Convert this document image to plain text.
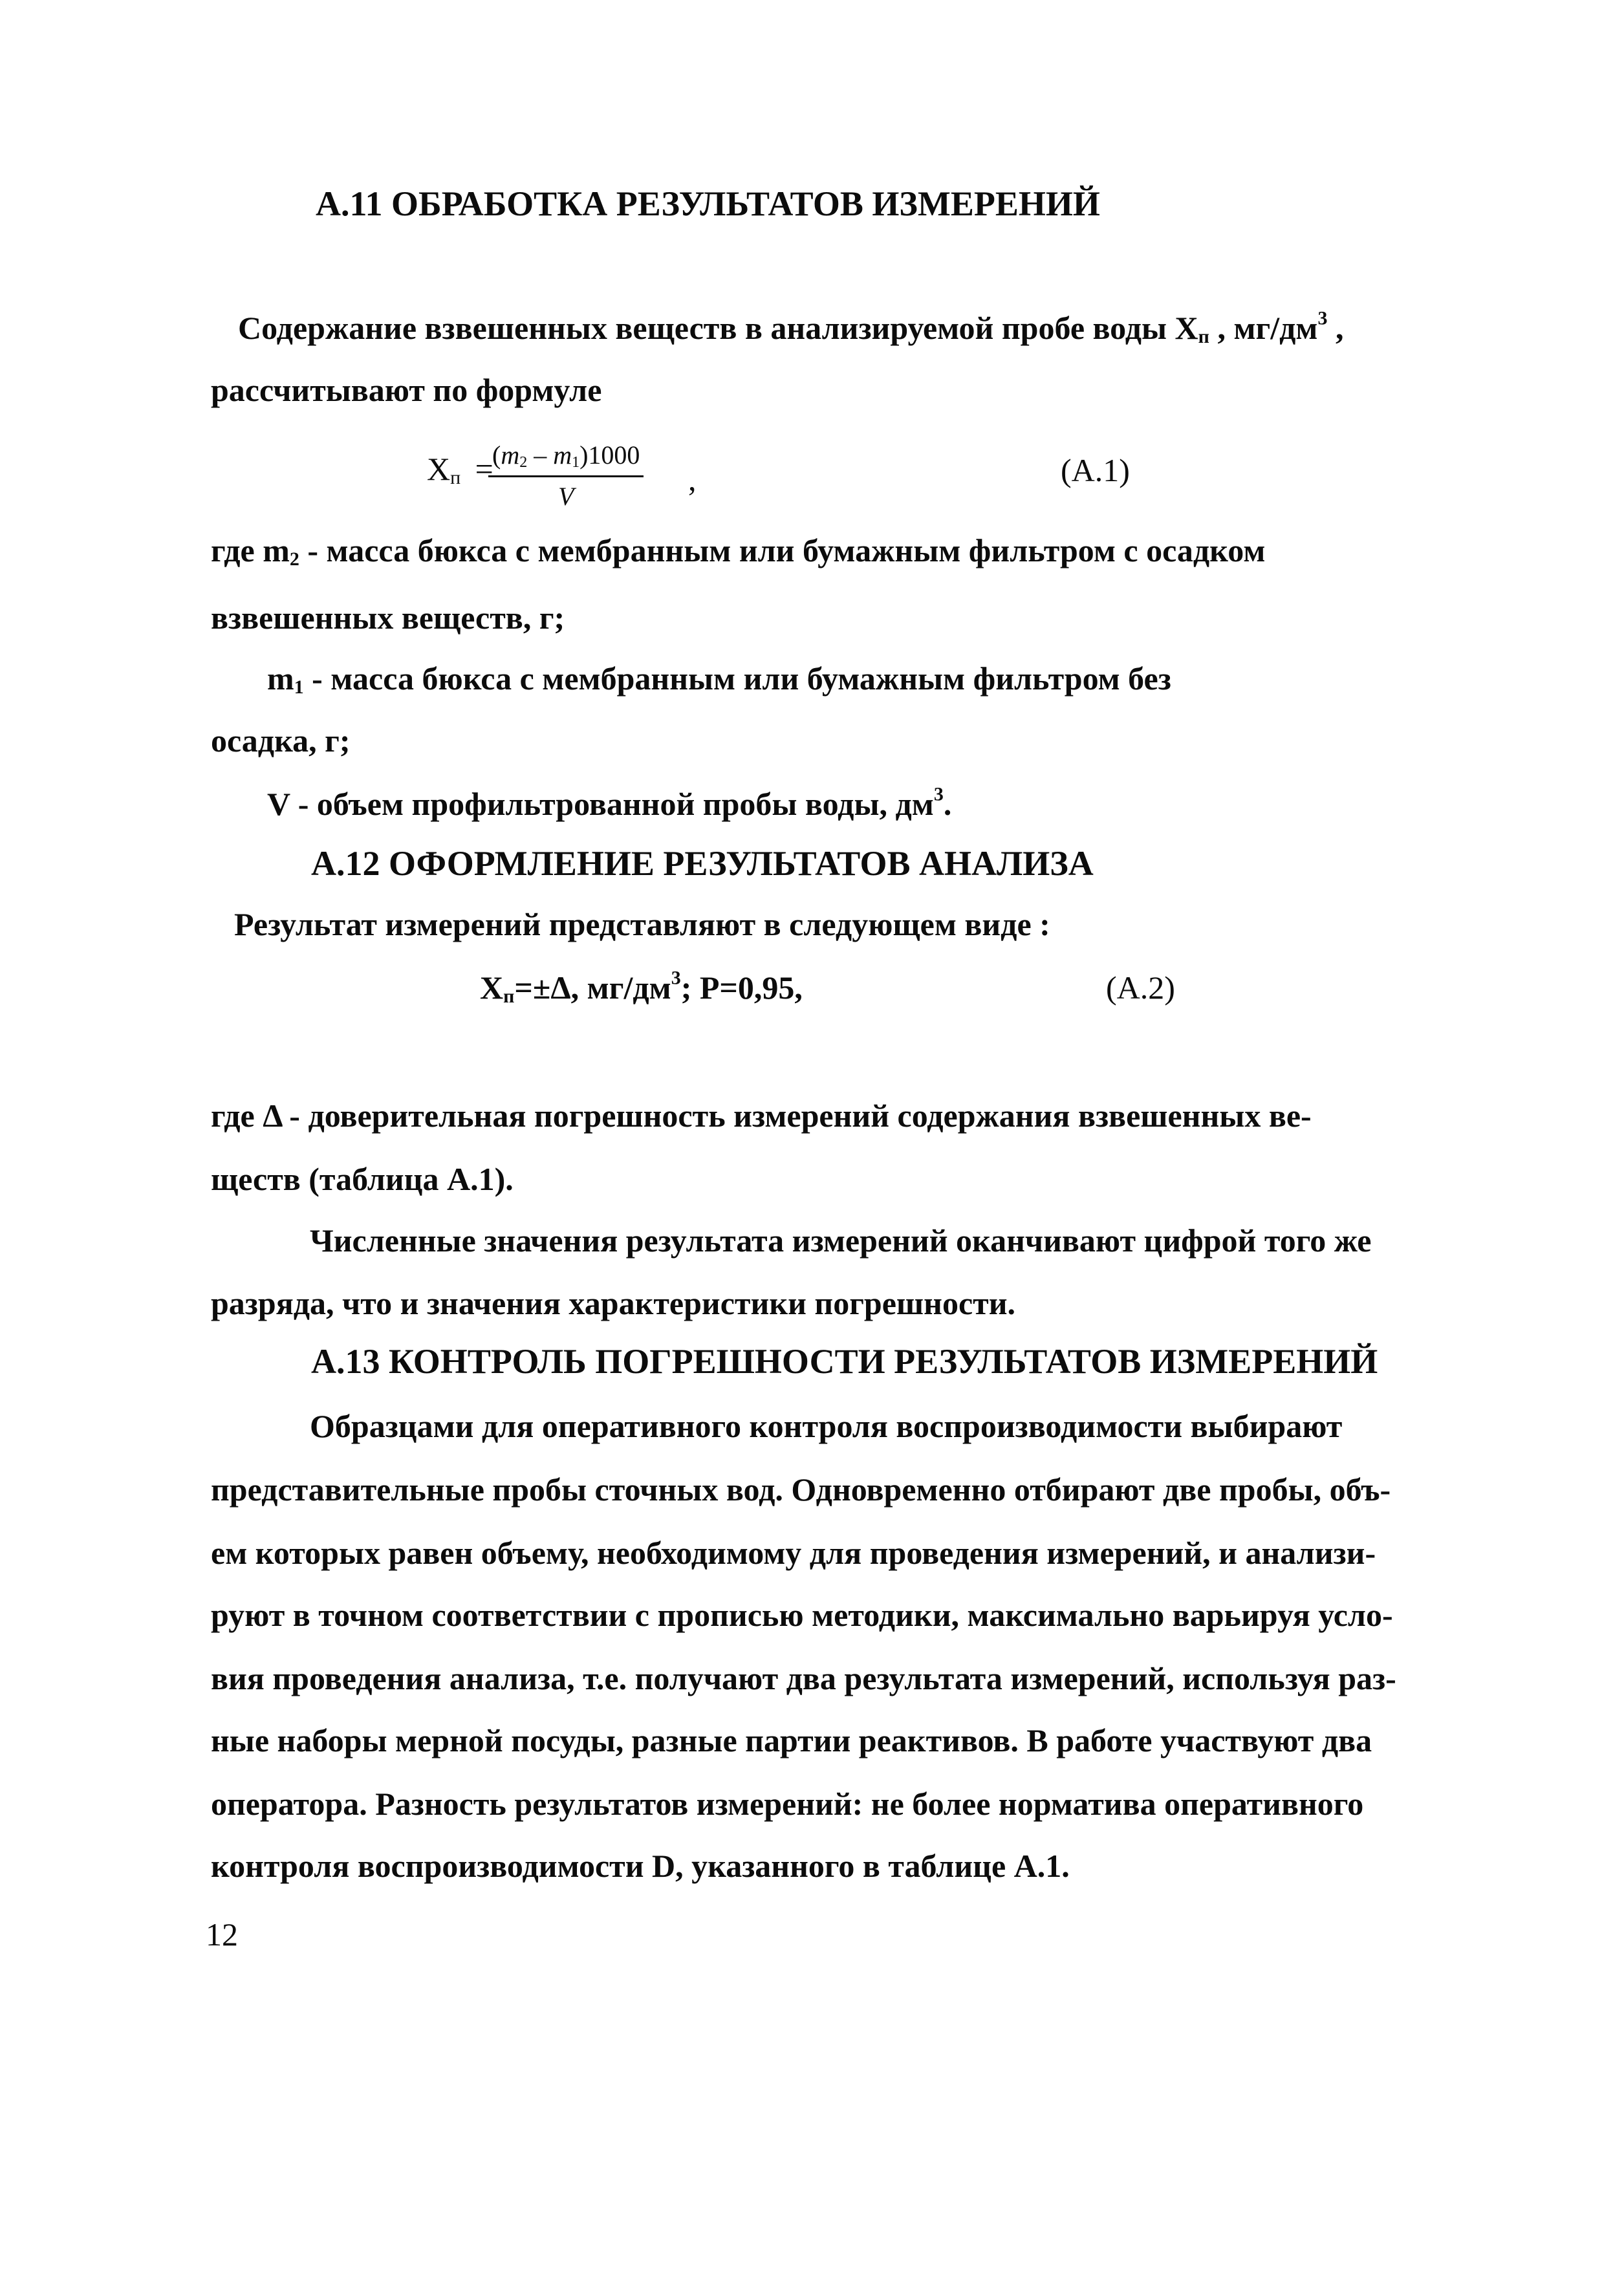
А.11 ОБРАБОТКА РЕЗУЛЬТАТОВ ИЗМЕРЕНИЙ
Содержание взвешенных веществ в анализируемой пробе воды $Х_п$ , $мг/дм^3$ ,
рассчитывают по формуле
$Х_п$ =
$\frac{(m_2 - m_1)1000}{V}$ ,	(А.1)
где $m_2$ - масса бюкса с мембранным или бумажным фильтром с осадком
взвешенных веществ, г;
$m_1$ - масса бюкса с мембранным или бумажным фильтром без
осадка, г;
V - объем профильтрованной пробы воды, $дм^3$.
А.12 ОФОРМЛЕНИЕ РЕЗУЛЬТАТОВ АНАЛИЗА
Результат измерений представляют в следующем виде :
$Х_п=\pm\Delta$, $мг/дм^3$; Р=0,95,	(А.2)
где Δ - доверительная погрешность измерений содержания взвешенных ве-
ществ (таблица А.1).
Численные значения результата измерений оканчивают цифрой того же
разряда, что и значения характеристики погрешности.
А.13 КОНТРОЛЬ ПОГРЕШНОСТИ РЕЗУЛЬТАТОВ ИЗМЕРЕНИЙ
Образцами для оперативного контроля воспроизводимости выбирают
представительные пробы сточных вод. Одновременно отбирают две пробы, объ-
ем которых равен объему, необходимому для проведения измерений, и анализи-
руют в точном соответствии с прописью методики, максимально варьируя усло-
вия проведения анализа, т.е. получают два результата измерений, используя раз-
ные наборы мерной посуды, разные партии реактивов. В работе участвуют два
оператора. Разность результатов измерений: не более норматива оперативного
контроля воспроизводимости D, указанного в таблице А.1.
12
